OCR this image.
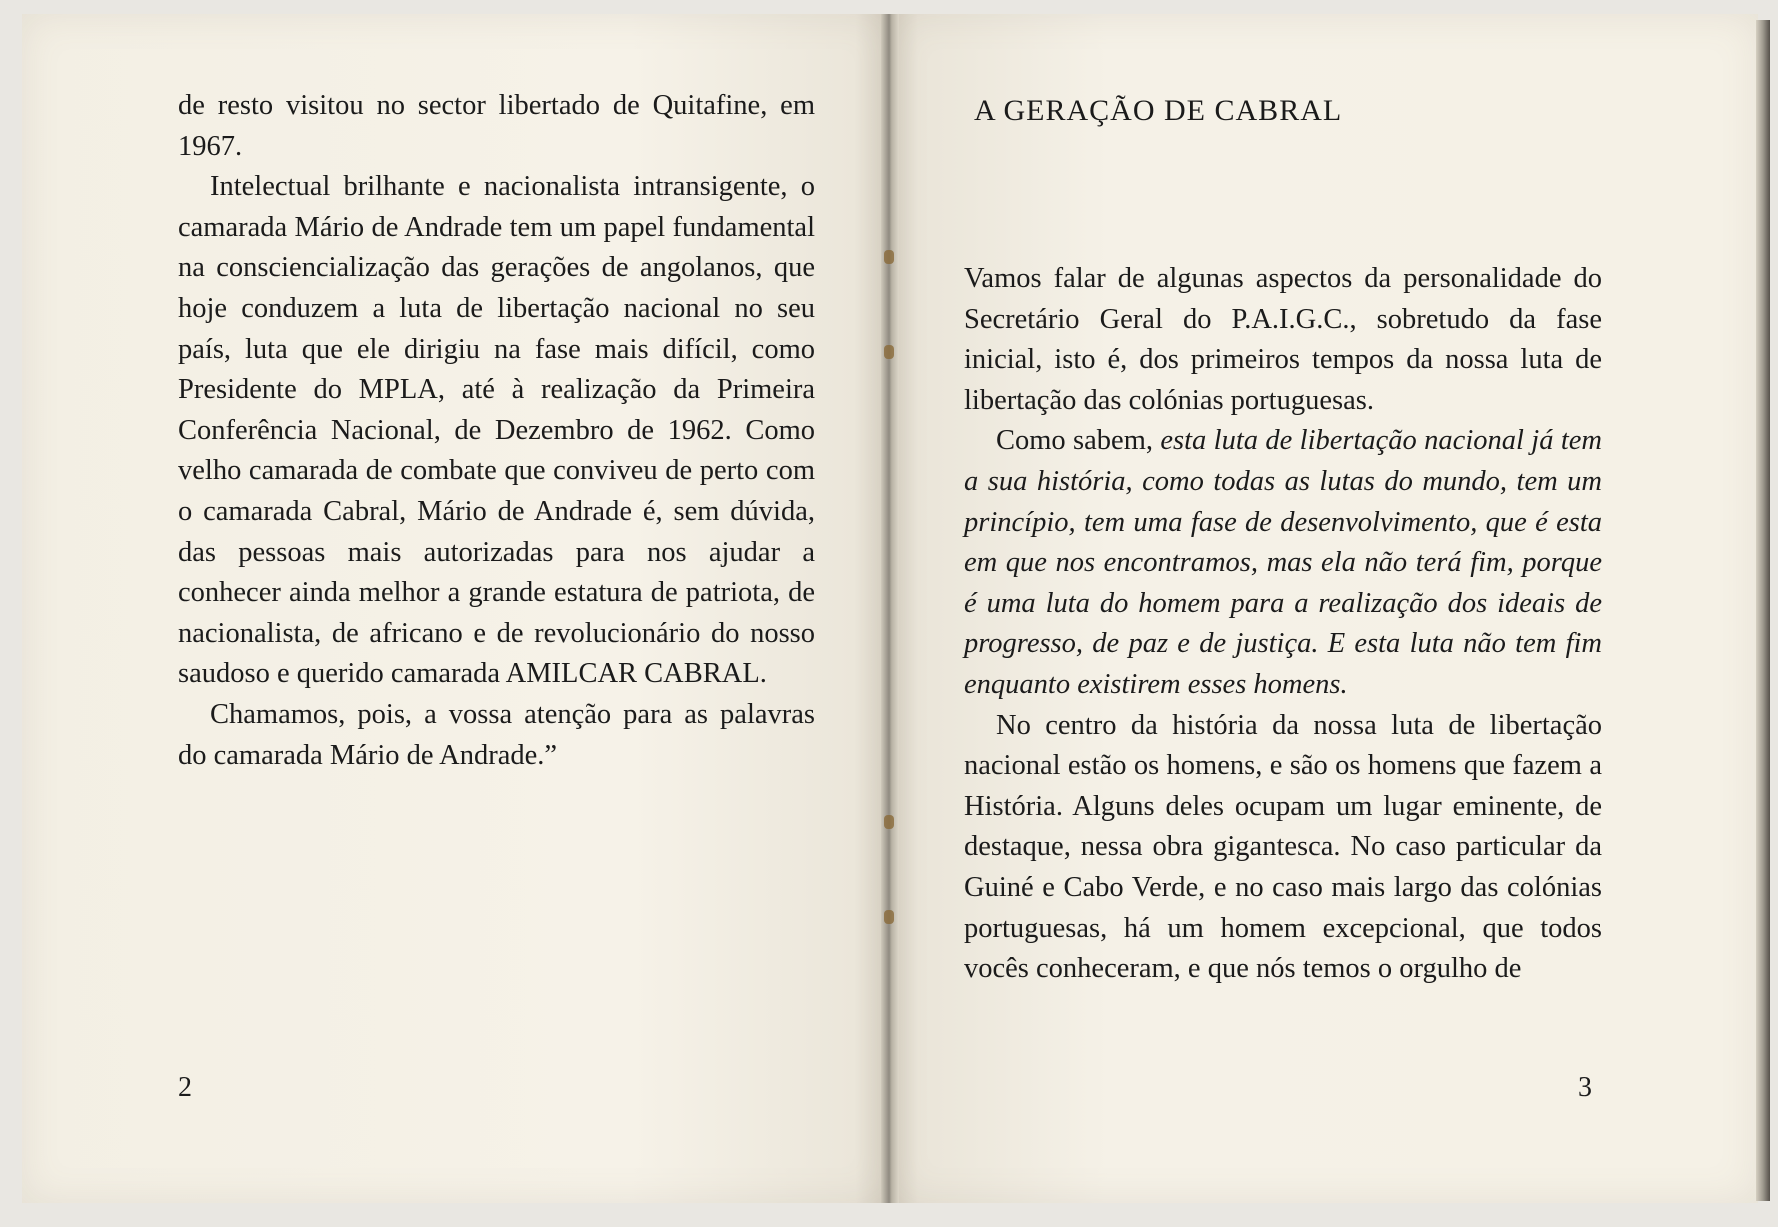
de resto visitou no sector libertado de Quitafine, em 1967.

Intelectual brilhante e nacionalista intransigente, o camarada Mário de Andrade tem um papel fundamental na consciencialização das gerações de angolanos, que hoje conduzem a luta de libertação nacional no seu país, luta que ele dirigiu na fase mais difícil, como Presidente do MPLA, até à realização da Primeira Conferência Nacional, de Dezembro de 1962. Como velho camarada de combate que conviveu de perto com o camarada Cabral, Mário de Andrade é, sem dúvida, das pessoas mais autorizadas para nos ajudar a conhecer ainda melhor a grande estatura de patriota, de nacionalista, de africano e de revolucionário do nosso saudoso e querido camarada AMILCAR CABRAL.

Chamamos, pois, a vossa atenção para as palavras do camarada Mário de Andrade.”

2
A GERAÇÃO DE CABRAL

Vamos falar de algunas aspectos da personalidade do Secretário Geral do P.A.I.G.C., sobretudo da fase inicial, isto é, dos primeiros tempos da nossa luta de libertação das colónias portuguesas.

Como sabem, esta luta de libertação nacional já tem a sua história, como todas as lutas do mundo, tem um princípio, tem uma fase de desenvolvimento, que é esta em que nos encontramos, mas ela não terá fim, porque é uma luta do homem para a realização dos ideais de progresso, de paz e de justiça. E esta luta não tem fim enquanto existirem esses homens.

No centro da história da nossa luta de libertação nacional estão os homens, e são os homens que fazem a História. Alguns deles ocupam um lugar eminente, de destaque, nessa obra gigantesca. No caso particular da Guiné e Cabo Verde, e no caso mais largo das colónias portuguesas, há um homem excepcional, que todos vocês conheceram, e que nós temos o orgulho de

3
